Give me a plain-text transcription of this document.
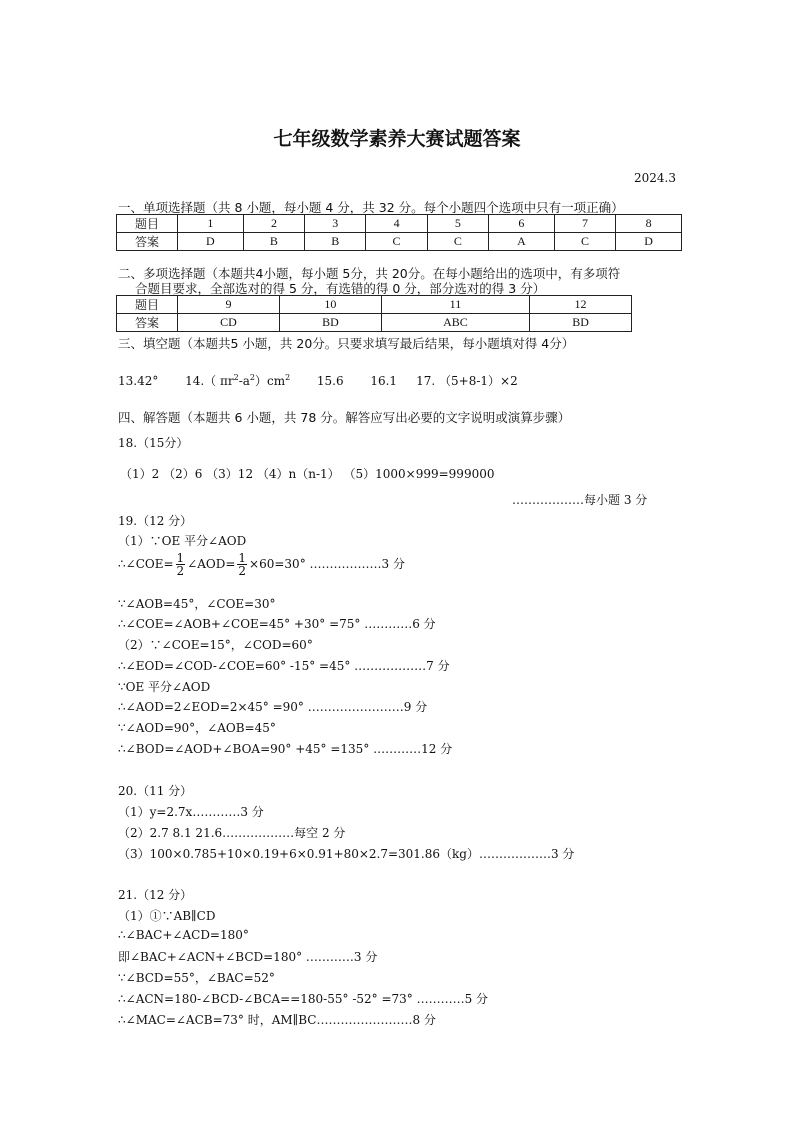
七年级数学素养大赛试题答案
2024.3
一、单项选择题（共 8 小题，每小题 4 分，共 32 分。每个小题四个选项中只有一项正确）
题目	1	2	3	4	5	6	7	8
答案	D	B	B	C	C	A	C	D
二、多项选择题（本题共4小题，每小题 5分，共 20分。在每小题给出的选项中，有多项符
合题目要求，全部选对的得 5 分，有选错的得 0 分，部分选对的得 3 分）
题目	9	10	11	12
答案	CD	BD	ABC	BD
三、填空题（本题共5 小题，共 20分。只要求填写最后结果，每小题填对得 4分）
13.42° 14.（ $\pi r^2-a^2)cm^2$ 15.6 16.1 17. （5+8-1）×2
四、解答题（本题共 6 小题，共 78 分。解答应写出必要的文字说明或演算步骤）
18.（15分）
（1）2 （2）6 （3）12 （4）n（n-1） （5）1000×999=999000
………………每小题 3 分
19.（12 分）
（1）∵OE 平分∠AOD
∴∠COE= $\frac{1}{2}$ ∠AOD= $\frac{1}{2} \times 60=30^\circ$ ………………3 分
∵∠AOB=45°，∠COE=30°
∴∠COE=∠AOB+∠COE=45° +30° =75° …………6 分
（2）∵∠COE=15°，∠COD=60°
∴∠EOD=∠COD-∠COE=60° -15° =45° ………………7 分
∵OE 平分∠AOD
∴∠AOD=2∠EOD=2×45° =90° ……………………9 分
∵∠AOD=90°，∠AOB=45°
∴∠BOD=∠AOD+∠BOA=90° +45° =135° …………12 分
20.（11 分）
（1）y=2.7x…………3 分
（2）2.7 8.1 21.6………………每空 2 分
（3）100×0.785+10×0.19+6×0.91+80×2.7=301.86（kg）………………3 分
21.（12 分）
（1）①∵AB∥CD
∴∠BAC+∠ACD=180°
即∠BAC+∠ACN+∠BCD=180° …………3 分
∵∠BCD=55°，∠BAC=52°
∴∠ACN=180-∠BCD-∠BCA==180-55° -52° =73° …………5 分
∴∠MAC=∠ACB=73° 时，AM∥BC……………………8 分
